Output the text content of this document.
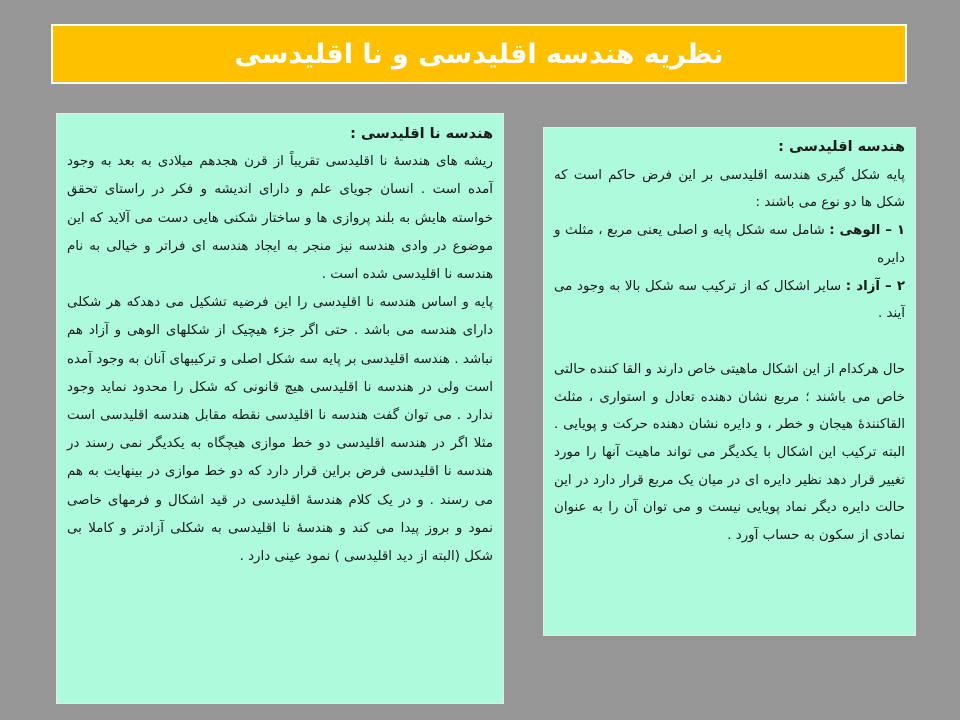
نظریه هندسه اقلیدسی و نا اقلیدسی

هندسه نا اقلیدسی :

ریشه های هندسهٔ نا اقلیدسی تقریباً از قرن هجدهم میلادی به بعد به وجود آمده است . انسان جویای علم و دارای اندیشه و فکر در راستای تحقق خواسته هایش به بلند پروازی ها و ساختار شکنی هایی دست می آلاید که این موضوع در وادی هندسه نیز منجر به ایجاد هندسه ای فراتر و خیالی به نام هندسه نا اقلیدسی شده است .

پایه و اساس هندسه نا اقلیدسی را این فرضیه تشکیل می دهدکه هر شکلی دارای هندسه می باشد . حتی اگر جزء هیچیک از شکلهای الوهی و آزاد هم نباشد . هندسه اقلیدسی بر پایه سه شکل اصلی و ترکیبهای آنان به وجود آمده است ولی در هندسه نا اقلیدسی هیچ قانونی که شکل را محدود نماید وجود ندارد . می توان گفت هندسه نا اقلیدسی نقطه مقابل هندسه اقلیدسی است مثلا اگر در هندسه اقلیدسی دو خط موازی هیچگاه به یکدیگر نمی رسند در هندسه نا اقلیدسی فرض براین قرار دارد که دو خط موازی در بینهایت به هم می رسند . و در یک کلام هندسهٔ اقلیدسی در قید اشکال و فرمهای خاصی نمود و بروز پیدا می کند و هندسهٔ نا اقلیدسی به شکلی آزادتر و کاملا بی شکل (البته از دید اقلیدسی ) نمود عینی دارد .

هندسه اقلیدسی :

پایه شکل گیری هندسه اقلیدسی بر این فرض حاکم است که شکل ها دو نوع می باشند :

۱ – الوهی : شامل سه شکل پایه و اصلی یعنی مربع ، مثلث و دایره

۲ – آزاد : سایر اشکال که از ترکیب سه شکل بالا به وجود می آیند .

حال هرکدام از این اشکال ماهیتی خاص دارند و القا کننده حالتی خاص می باشند ؛ مربع نشان دهنده تعادل و استواری ، مثلث القاکنندهٔ هیجان و خطر ، و دایره نشان دهنده حرکت و پویایی . البته ترکیب این اشکال با یکدیگر می تواند ماهیت آنها را مورد تغییر قرار دهد نظیر دایره ای در میان یک مربع قرار دارد در این حالت دایره دیگر نماد پویایی نیست و می توان آن را به عنوان نمادی از سکون به حساب آورد .
